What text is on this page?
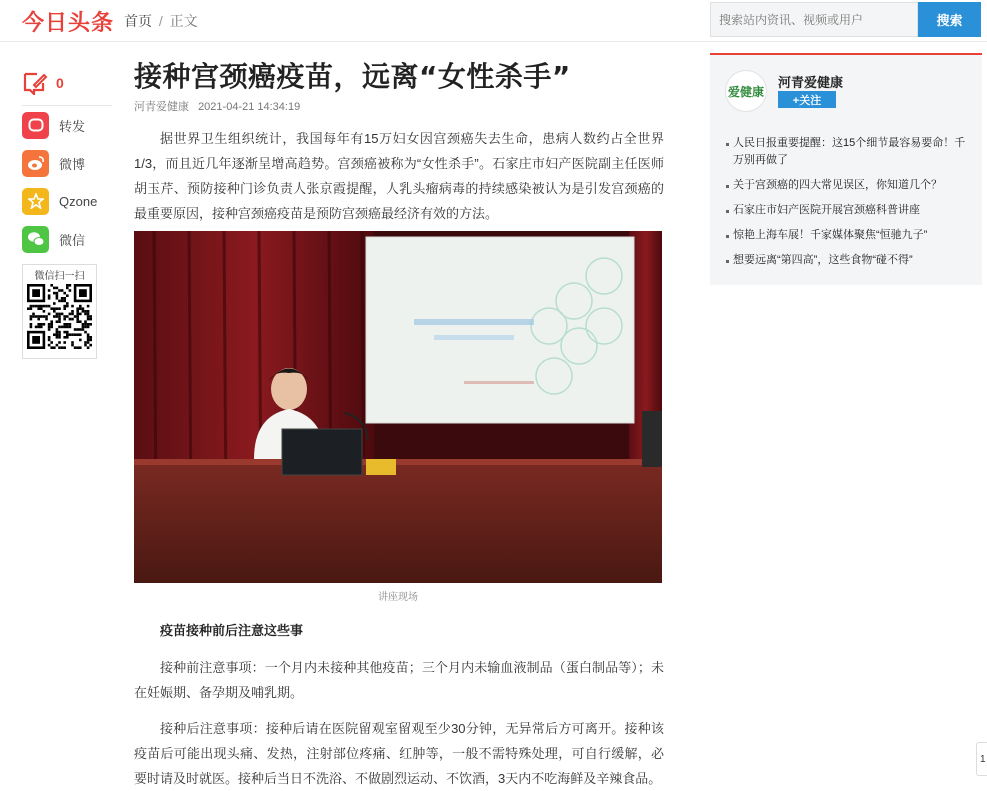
今日头条 首页 / 正文
搜索站内资讯、视频或用户	搜索
0
转发
微博
Qzone
微信
微信扫一扫
接种宫颈癌疫苗，远离“女性杀手”
河青爱健康 2021-04-21 14:34:19

据世界卫生组织统计，我国每年有15万妇女因宫颈癌失去生命，患病人数约占全世界1/3，而且近几年逐渐呈增高趋势。宫颈癌被称为“女性杀手”。石家庄市妇产医院副主任医师胡玉芹、预防接种门诊负责人张京霞提醒，人乳头瘤病毒的持续感染被认为是引发宫颈癌的最重要原因，接种宫颈癌疫苗是预防宫颈癌最经济有效的方法。

讲座现场
疫苗接种前后注意这些事

接种前注意事项：一个月内未接种其他疫苗；三个月内未输血液制品（蛋白制品等）；未在妊娠期、备孕期及哺乳期。

接种后注意事项：接种后请在医院留观室留观至少30分钟，无异常后方可离开。接种该疫苗后可能出现头痛、发热，注射部位疼痛、红肿等，一般不需特殊处理，可自行缓解，必要时请及时就医。接种后当日不洗浴、不做剧烈运动、不饮酒，3天内不吃海鲜及辛辣食品。

爱健康
河青爱健康
+关注
人民日报重要提醒：这15个细节最容易要命！千万别再做了
关于宫颈癌的四大常见误区，你知道几个？
石家庄市妇产医院开展宫颈癌科普讲座
惊艳上海车展！千家媒体聚焦“恒驰九子”
想要远离“第四高”，这些食物“碰不得”
1
